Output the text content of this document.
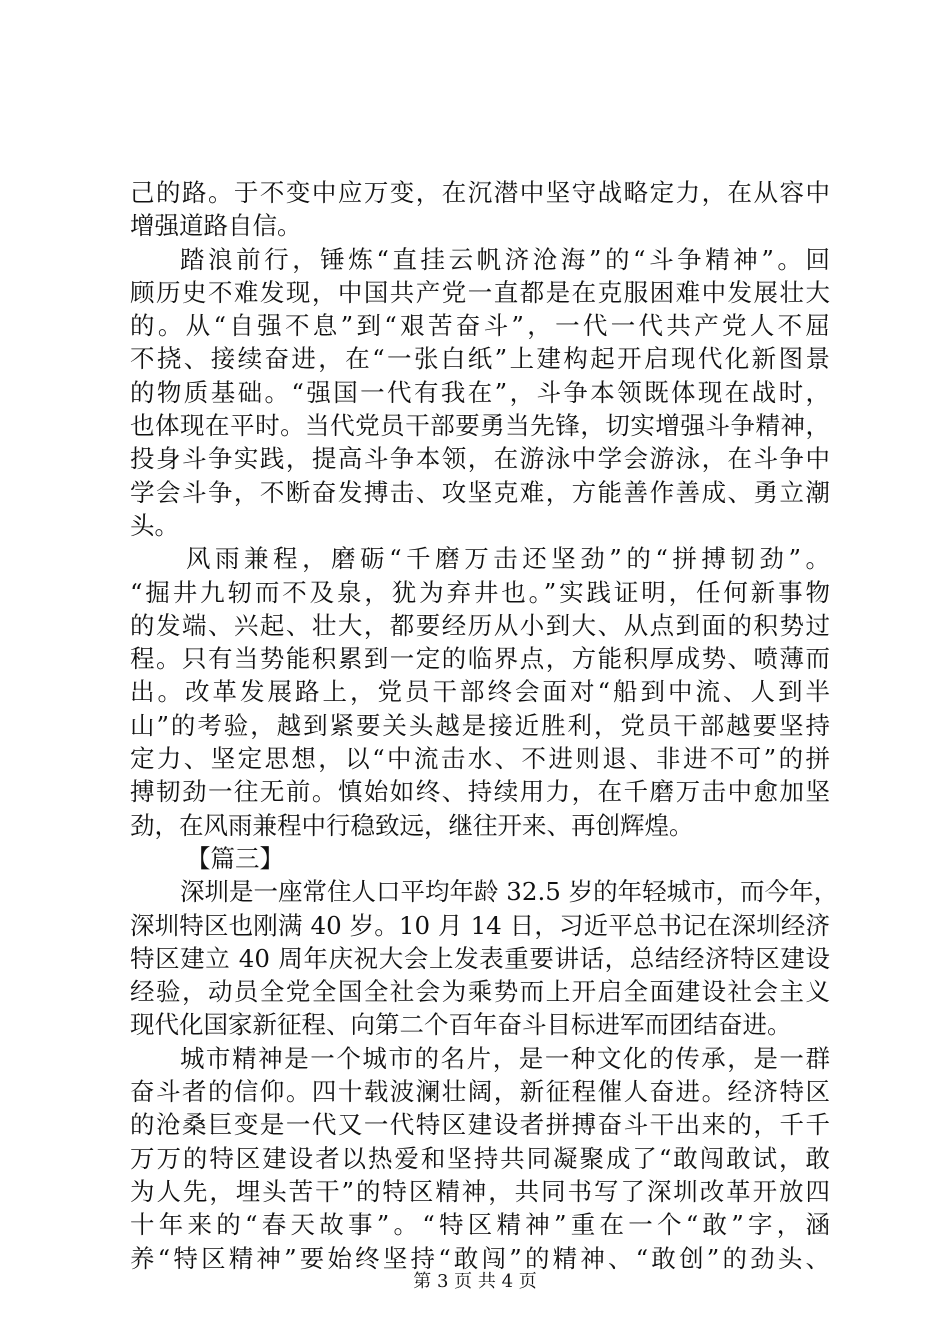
己的路。于不变中应万变，在沉潜中坚守战略定力，在从容中
增强道路自信。
踏浪前行，锤炼“直挂云帆济沧海”的“斗争精神”。回
顾历史不难发现，中国共产党一直都是在克服困难中发展壮大
的。从“自强不息”到“艰苦奋斗”，一代一代共产党人不屈
不挠、接续奋进，在“一张白纸”上建构起开启现代化新图景
的物质基础。“强国一代有我在”，斗争本领既体现在战时，
也体现在平时。当代党员干部要勇当先锋，切实增强斗争精神，
投身斗争实践，提高斗争本领，在游泳中学会游泳，在斗争中
学会斗争，不断奋发搏击、攻坚克难，方能善作善成、勇立潮
头。
风雨兼程，磨砺“千磨万击还坚劲”的“拼搏韧劲”。
“掘井九轫而不及泉，犹为弃井也。”实践证明，任何新事物
的发端、兴起、壮大，都要经历从小到大、从点到面的积势过
程。只有当势能积累到一定的临界点，方能积厚成势、喷薄而
出。改革发展路上，党员干部终会面对“船到中流、人到半
山”的考验，越到紧要关头越是接近胜利，党员干部越要坚持
定力、坚定思想，以“中流击水、不进则退、非进不可”的拼
搏韧劲一往无前。慎始如终、持续用力，在千磨万击中愈加坚
劲，在风雨兼程中行稳致远，继往开来、再创辉煌。
【篇三】
深圳是一座常住人口平均年龄 32.5 岁的年轻城市，而今年，
深圳特区也刚满 40 岁。10 月 14 日，习近平总书记在深圳经济
特区建立 40 周年庆祝大会上发表重要讲话，总结经济特区建设
经验，动员全党全国全社会为乘势而上开启全面建设社会主义
现代化国家新征程、向第二个百年奋斗目标进军而团结奋进。
城市精神是一个城市的名片，是一种文化的传承，是一群
奋斗者的信仰。四十载波澜壮阔，新征程催人奋进。经济特区
的沧桑巨变是一代又一代特区建设者拼搏奋斗干出来的，千千
万万的特区建设者以热爱和坚持共同凝聚成了“敢闯敢试，敢
为人先，埋头苦干”的特区精神，共同书写了深圳改革开放四
十年来的“春天故事”。“特区精神”重在一个“敢”字，涵
养“特区精神”要始终坚持“敢闯”的精神、“敢创”的劲头、
第 3 页 共 4 页
